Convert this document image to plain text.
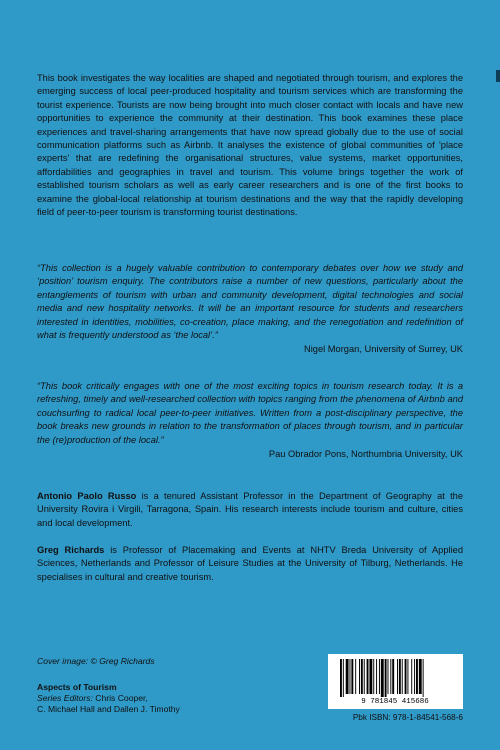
This book investigates the way localities are shaped and negotiated through tourism, and explores the emerging success of local peer-produced hospitality and tourism services which are transforming the tourist experience. Tourists are now being brought into much closer contact with locals and have new opportunities to experience the community at their destination. This book examines these place experiences and travel-sharing arrangements that have now spread globally due to the use of social communication platforms such as Airbnb. It analyses the existence of global communities of 'place experts' that are redefining the organisational structures, value systems, market opportunities, affordabilities and geographies in travel and tourism. This volume brings together the work of established tourism scholars as well as early career researchers and is one of the first books to examine the global-local relationship at tourism destinations and the way that the rapidly developing field of peer-to-peer tourism is transforming tourist destinations.
“This collection is a hugely valuable contribution to contemporary debates over how we study and ‘position’ tourism enquiry. The contributors raise a number of new questions, particularly about the entanglements of tourism with urban and community development, digital technologies and social media and new hospitality networks. It will be an important resource for students and researchers interested in identities, mobilities, co-creation, place making, and the renegotiation and redefinition of what is frequently understood as ‘the local’.”
Nigel Morgan, University of Surrey, UK
“This book critically engages with one of the most exciting topics in tourism research today. It is a refreshing, timely and well-researched collection with topics ranging from the phenomena of Airbnb and couchsurfing to radical local peer-to-peer initiatives. Written from a post-disciplinary perspective, the book breaks new grounds in relation to the transformation of places through tourism, and in particular the (re)production of the local.”
Pau Obrador Pons, Northumbria University, UK
Antonio Paolo Russo is a tenured Assistant Professor in the Department of Geography at the University Rovira i Virgili, Tarragona, Spain. His research interests include tourism and culture, cities and local development.
Greg Richards is Professor of Placemaking and Events at NHTV Breda University of Applied Sciences, Netherlands and Professor of Leisure Studies at the University of Tilburg, Netherlands. He specialises in cultural and creative tourism.
Cover image: © Greg Richards
Aspects of Tourism
Series Editors: Chris Cooper,
C. Michael Hall and Dallen J. Timothy
9 781845 415686
Pbk ISBN: 978-1-84541-568-6
